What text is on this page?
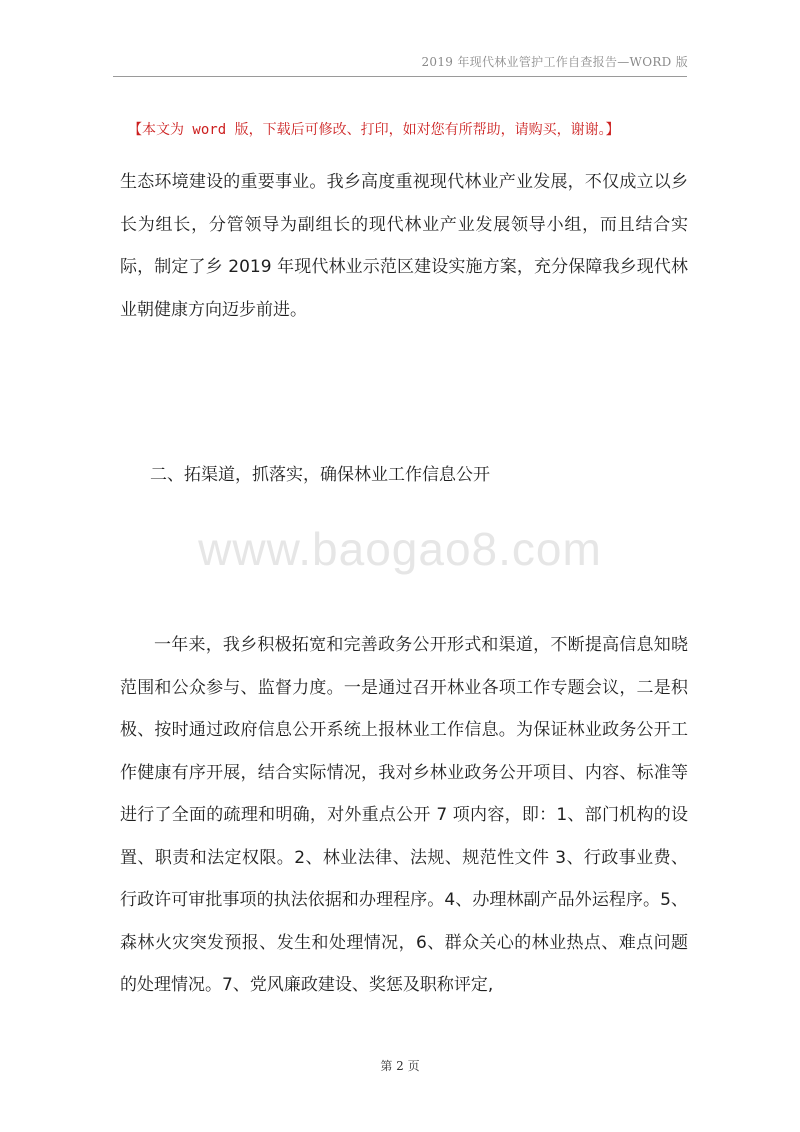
2019 年现代林业管护工作自查报告—WORD 版
【本文为 word 版，下载后可修改、打印，如对您有所帮助，请购买，谢谢。】
生态环境建设的重要事业。我乡高度重视现代林业产业发展，不仅成立以乡长为组长，分管领导为副组长的现代林业产业发展领导小组，而且结合实际，制定了乡 2019 年现代林业示范区建设实施方案，充分保障我乡现代林业朝健康方向迈步前进。
二、拓渠道，抓落实，确保林业工作信息公开
www.baogao8.com
一年来，我乡积极拓宽和完善政务公开形式和渠道，不断提高信息知晓范围和公众参与、监督力度。一是通过召开林业各项工作专题会议，二是积极、按时通过政府信息公开系统上报林业工作信息。为保证林业政务公开工作健康有序开展，结合实际情况，我对乡林业政务公开项目、内容、标准等进行了全面的疏理和明确，对外重点公开 7 项内容，即：1、部门机构的设置、职责和法定权限。2、林业法律、法规、规范性文件 3、行政事业费、行政许可审批事项的执法依据和办理程序。4、办理林副产品外运程序。5、森林火灾突发预报、发生和处理情况，6、群众关心的林业热点、难点问题的处理情况。7、党风廉政建设、奖惩及职称评定,
第 2 页
